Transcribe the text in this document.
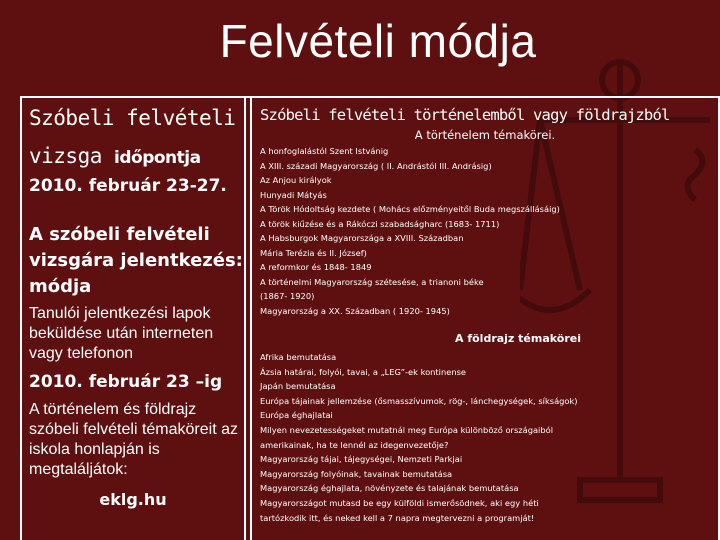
Felvételi módja
Szóbeli felvételi
vizsga időpontja
2010. február 23-27.
A szóbeli felvételi vizsgára jelentkezés: módja
Tanulói jelentkezési lapok beküldése után interneten vagy telefonon
2010. február 23 –ig
A történelem és földrajz szóbeli felvételi témaköreit az iskola honlapján is megtaláljátok:
eklg.hu
Szóbeli felvételi történelemből vagy földrajzból
A történelem témakörei.
A honfoglalástól Szent Istvánig
A XIII. századi Magyarország ( II. Andrástól III. Andrásig)
Az Anjou királyok
Hunyadi Mátyás
A Török Hódoltság kezdete ( Mohács előzményeitől Buda megszállásáig)
A török kiűzése és a Rákóczi szabadságharc (1683- 1711)
A Habsburgok Magyarországa a XVIII. Században
Mária Terézia és II. József)
A reformkor és 1848- 1849
A történelmi Magyarország szétesése, a trianoni béke
(1867- 1920)
Magyarország a XX. Században ( 1920- 1945)
A földrajz témakörei
Afrika bemutatása
Ázsia határai, folyói, tavai, a „LEG”-ek kontinense
Japán bemutatása
Európa tájainak jellemzése (ősmasszívumok, rög-, lánchegységek, síkságok)
Európa éghajlatai
Milyen nevezetességeket mutatnál meg Európa különböző országaiból
amerikainak, ha te lennél az idegenvezetője?
Magyarország tájai, tájegységei, Nemzeti Parkjai
Magyarország folyóinak, tavainak bemutatása
Magyarország éghajlata, növényzete és talajának bemutatása
Magyarországot mutasd be egy külföldi ismerősödnek, aki egy héti
tartózkodik itt, és neked kell a 7 napra megtervezni a programját!
